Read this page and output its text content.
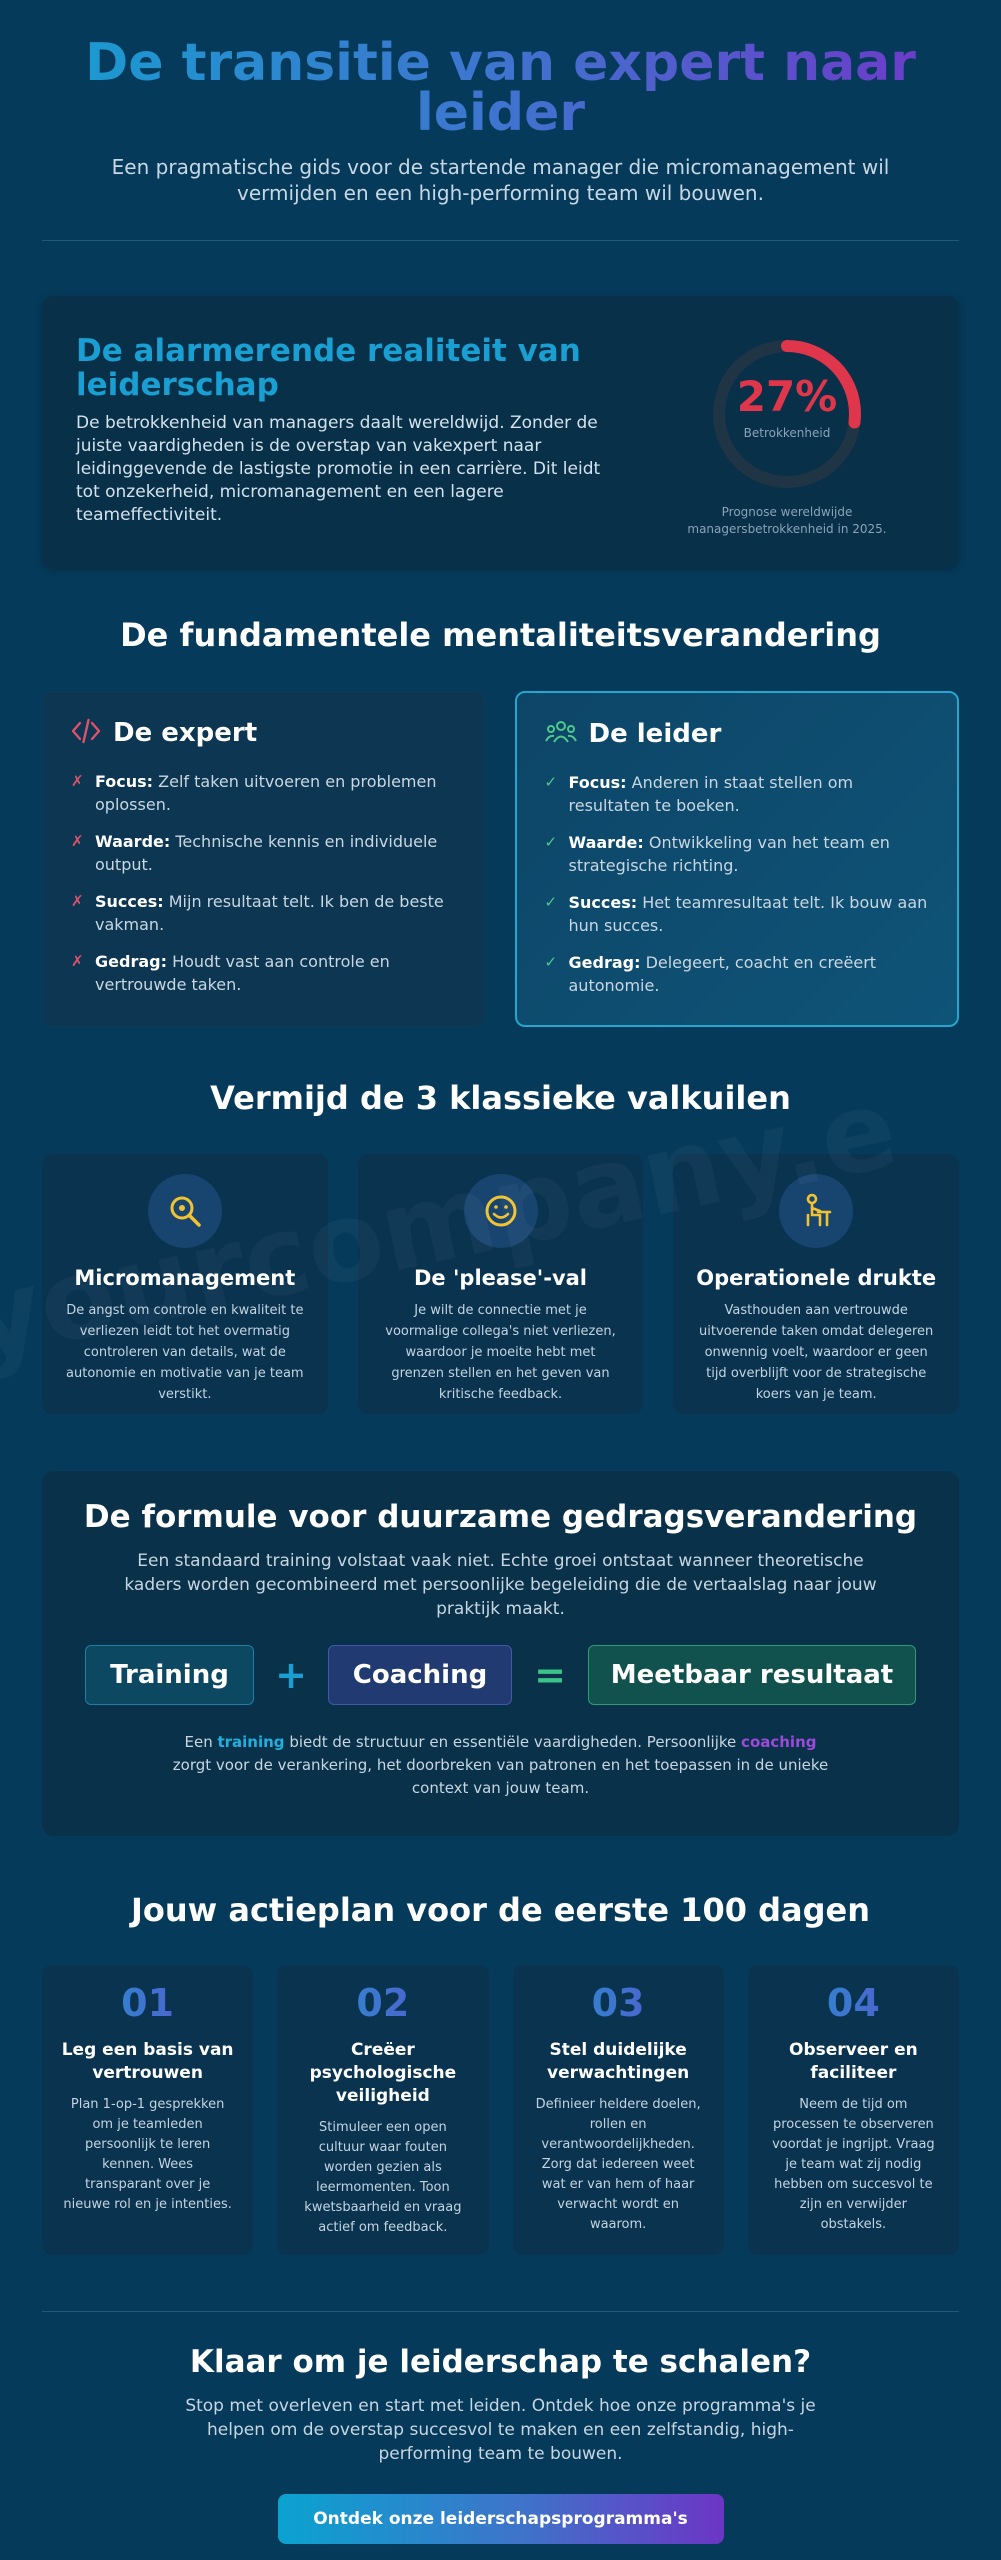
De transitie van expert naar leider

Een pragmatische gids voor de startende manager die micromanagement wil vermijden en een high-performing team wil bouwen.

De alarmerende realiteit van leiderschap

De betrokkenheid van managers daalt wereldwijd. Zonder de juiste vaardigheden is de overstap van vakexpert naar leidinggevende de lastigste promotie in een carrière. Dit leidt tot onzekerheid, micromanagement en een lagere teameffectiviteit.

27%
Betrokkenheid
Prognose wereldwijde managersbetrokkenheid in 2025.
De fundamentele mentaliteitsverandering
De expert
✗ Focus: Zelf taken uitvoeren en problemen oplossen.
✗ Waarde: Technische kennis en individuele output.
✗ Succes: Mijn resultaat telt. Ik ben de beste vakman.
✗ Gedrag: Houdt vast aan controle en vertrouwde taken.
De leider
✓ Focus: Anderen in staat stellen om resultaten te boeken.
✓ Waarde: Ontwikkeling van het team en strategische richting.
✓ Succes: Het teamresultaat telt. Ik bouw aan hun succes.
✓ Gedrag: Delegeert, coacht en creëert autonomie.
Vermijd de 3 klassieke valkuilen
Micromanagement

De angst om controle en kwaliteit te verliezen leidt tot het overmatig controleren van details, wat de autonomie en motivatie van je team verstikt.

De 'please'-val

Je wilt de connectie met je voormalige collega's niet verliezen, waardoor je moeite hebt met grenzen stellen en het geven van kritische feedback.

Operationele drukte

Vasthouden aan vertrouwde uitvoerende taken omdat delegeren onwennig voelt, waardoor er geen tijd overblijft voor de strategische koers van je team.

De formule voor duurzame gedragsverandering

Een standaard training volstaat vaak niet. Echte groei ontstaat wanneer theoretische kaders worden gecombineerd met persoonlijke begeleiding die de vertaalslag naar jouw praktijk maakt.

Training	+	Coaching	=	Meetbaar resultaat

Een training biedt de structuur en essentiële vaardigheden. Persoonlijke coaching zorgt voor de verankering, het doorbreken van patronen en het toepassen in de unieke context van jouw team.

Jouw actieplan voor de eerste 100 dagen
01
Leg een basis van vertrouwen

Plan 1-op-1 gesprekken om je teamleden persoonlijk te leren kennen. Wees transparant over je nieuwe rol en je intenties.

02
Creëer psychologische veiligheid

Stimuleer een open cultuur waar fouten worden gezien als leermomenten. Toon kwetsbaarheid en vraag actief om feedback.

03
Stel duidelijke verwachtingen

Definieer heldere doelen, rollen en verantwoordelijkheden. Zorg dat iedereen weet wat er van hem of haar verwacht wordt en waarom.

04
Observeer en faciliteer

Neem de tijd om processen te observeren voordat je ingrijpt. Vraag je team wat zij nodig hebben om succesvol te zijn en verwijder obstakels.

Klaar om je leiderschap te schalen?

Stop met overleven en start met leiden. Ontdek hoe onze programma's je helpen om de overstap succesvol te maken en een zelfstandig, high-performing team te bouwen.

Ontdek onze leiderschapsprogramma's
